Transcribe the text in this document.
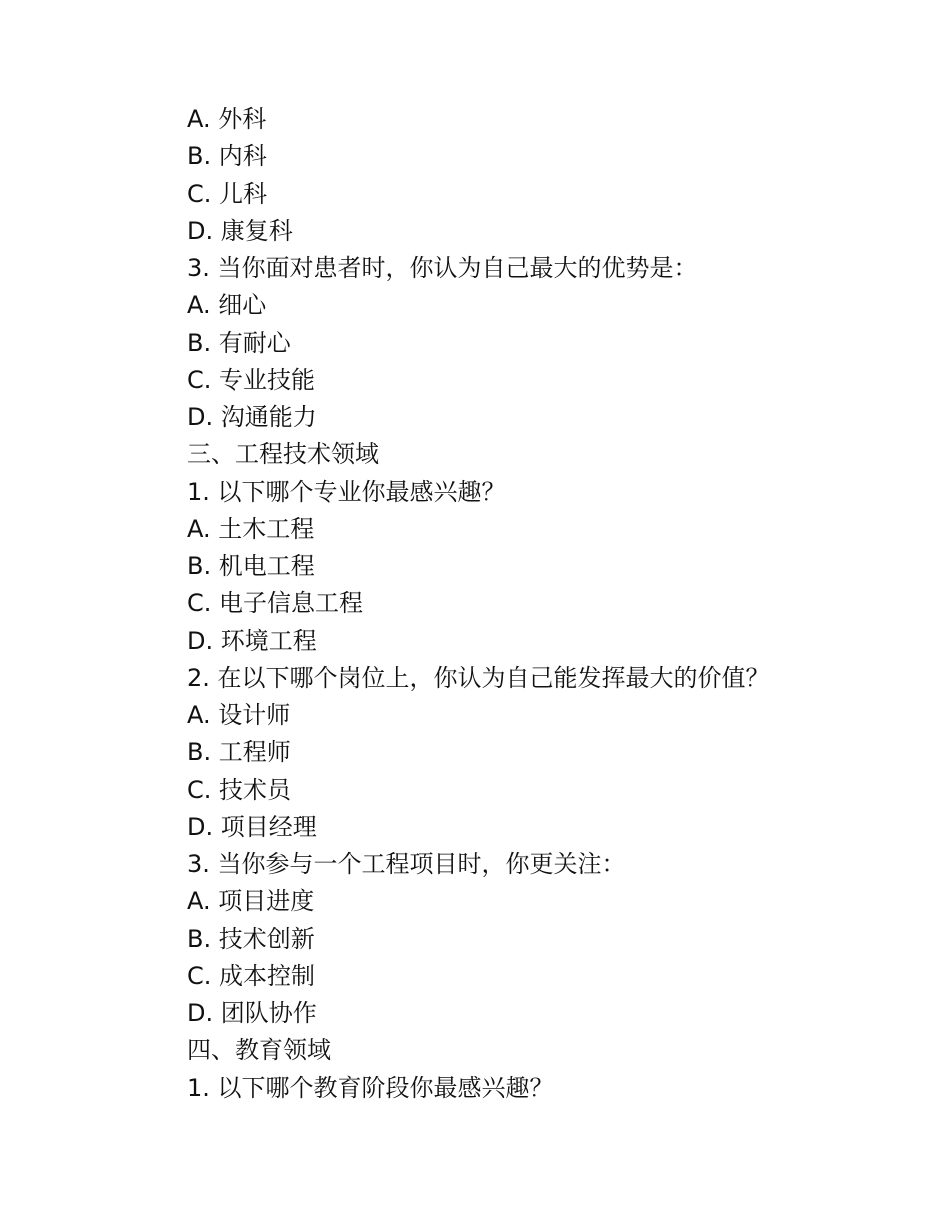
A. 外科
B. 内科
C. 儿科
D. 康复科
3. 当你面对患者时，你认为自己最大的优势是：
A. 细心
B. 有耐心
C. 专业技能
D. 沟通能力
三、工程技术领域
1. 以下哪个专业你最感兴趣？
A. 土木工程
B. 机电工程
C. 电子信息工程
D. 环境工程
2. 在以下哪个岗位上，你认为自己能发挥最大的价值？
A. 设计师
B. 工程师
C. 技术员
D. 项目经理
3. 当你参与一个工程项目时，你更关注：
A. 项目进度
B. 技术创新
C. 成本控制
D. 团队协作
四、教育领域
1. 以下哪个教育阶段你最感兴趣？
